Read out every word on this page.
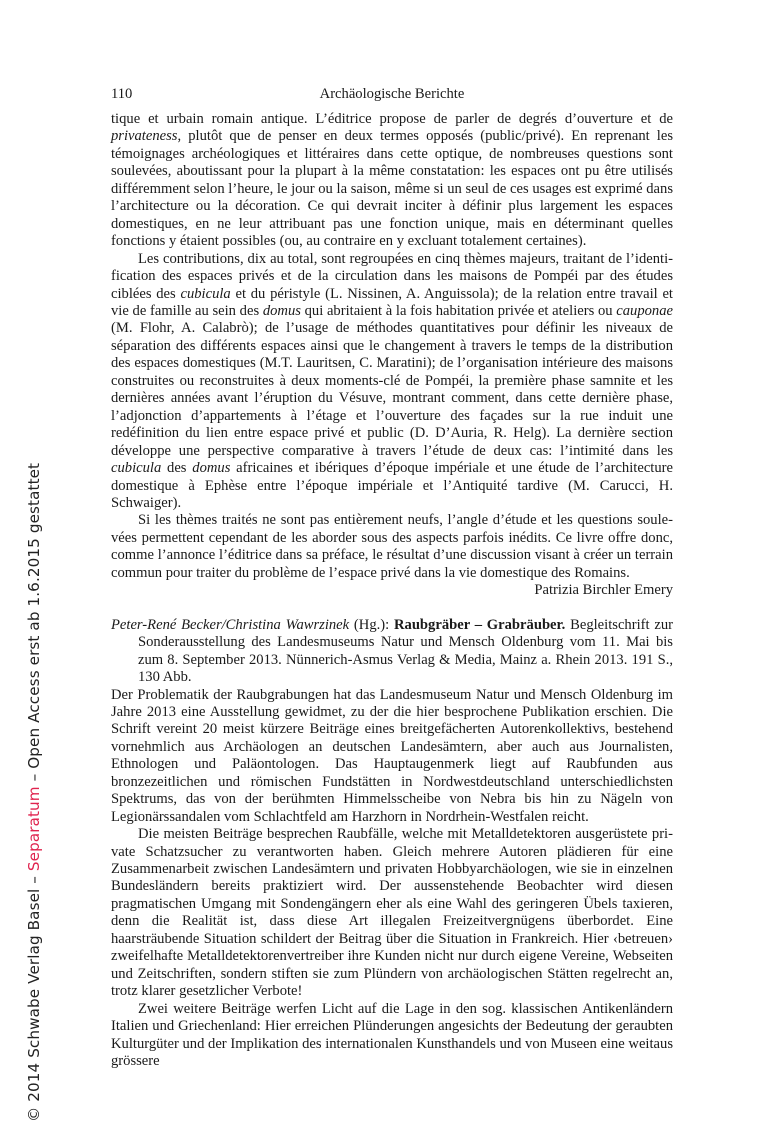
110	Archäologische Berichte

tique et urbain romain antique. L’éditrice propose de parler de degrés d’ouverture et de privateness, plutôt que de penser en deux termes opposés (public/privé). En reprenant les témoignages archéologiques et littéraires dans cette optique, de nombreuses questions sont soulevées, aboutissant pour la plupart à la même constatation: les espaces ont pu être utilisés différemment selon l’heure, le jour ou la saison, même si un seul de ces usages est exprimé dans l’architecture ou la décoration. Ce qui devrait inciter à définir plus largement les espaces domestiques, en ne leur attribuant pas une fonction unique, mais en déterminant quelles fonctions y étaient possibles (ou, au contraire en y excluant totalement certaines).

Les contributions, dix au total, sont regroupées en cinq thèmes majeurs, traitant de l’identification des espaces privés et de la circulation dans les maisons de Pompéi par des études ciblées des cubicula et du péristyle (L. Nissinen, A. Anguissola); de la relation entre travail et vie de famille au sein des domus qui abritaient à la fois habitation privée et ateliers ou cauponae (M. Flohr, A. Calabrò); de l’usage de méthodes quantitatives pour définir les niveaux de séparation des différents espaces ainsi que le changement à travers le temps de la distribution des espaces domestiques (M.T. Lauritsen, C. Maratini); de l’organisation intérieure des maisons construites ou reconstruites à deux moments-clé de Pompéi, la première phase samnite et les dernières années avant l’éruption du Vésuve, montrant comment, dans cette dernière phase, l’adjonction d’appartements à l’étage et l’ouverture des façades sur la rue induit une redéfinition du lien entre espace privé et public (D. D’Auria, R. Helg). La dernière section développe une perspective comparative à travers l’étude de deux cas: l’intimité dans les cubicula des domus africaines et ibériques d’époque impériale et une étude de l’architecture domestique à Ephèse entre l’époque impériale et l’Antiquité tardive (M. Carucci, H. Schwaiger).

Si les thèmes traités ne sont pas entièrement neufs, l’angle d’étude et les questions soulevées permettent cependant de les aborder sous des aspects parfois inédits. Ce livre offre donc, comme l’annonce l’éditrice dans sa préface, le résultat d’une discussion visant à créer un terrain commun pour traiter du problème de l’espace privé dans la vie domestique des Romains.

Patrizia Birchler Emery

Peter-René Becker/Christina Wawrzinek (Hg.): Raubgräber – Grabräuber. Begleitschrift zur Sonderausstellung des Landesmuseums Natur und Mensch Oldenburg vom 11. Mai bis zum 8. September 2013. Nünnerich-Asmus Verlag & Media, Mainz a. Rhein 2013. 191 S., 130 Abb.

Der Problematik der Raubgrabungen hat das Landesmuseum Natur und Mensch Oldenburg im Jahre 2013 eine Ausstellung gewidmet, zu der die hier besprochene Publikation erschien. Die Schrift vereint 20 meist kürzere Beiträge eines breitgefächerten Autorenkollektivs, bestehend vornehmlich aus Archäologen an deutschen Landesämtern, aber auch aus Journalisten, Ethnologen und Paläontologen. Das Hauptaugenmerk liegt auf Raubfunden aus bronzezeitlichen und römischen Fundstätten in Nordwestdeutschland unterschiedlichsten Spektrums, das von der berühmten Himmelsscheibe von Nebra bis hin zu Nägeln von Legionärssandalen vom Schlachtfeld am Harzhorn in Nordrhein-Westfalen reicht.

Die meisten Beiträge besprechen Raubfälle, welche mit Metalldetektoren ausgerüstete private Schatzsucher zu verantworten haben. Gleich mehrere Autoren plädieren für eine Zusammenarbeit zwischen Landesämtern und privaten Hobbyarchäologen, wie sie in einzelnen Bundesländern bereits praktiziert wird. Der aussenstehende Beobachter wird diesen pragmatischen Umgang mit Sondengängern eher als eine Wahl des geringeren Übels taxieren, denn die Realität ist, dass diese Art illegalen Freizeitvergnügens überbordet. Eine haarsträubende Situation schildert der Beitrag über die Situation in Frankreich. Hier ‹betreuen› zweifelhafte Metalldetektorenvertreiber ihre Kunden nicht nur durch eigene Vereine, Webseiten und Zeitschriften, sondern stiften sie zum Plündern von archäologischen Stätten regelrecht an, trotz klarer gesetzlicher Verbote!

Zwei weitere Beiträge werfen Licht auf die Lage in den sog. klassischen Antikenländern Italien und Griechenland: Hier erreichen Plünderungen angesichts der Bedeutung der geraubten Kulturgüter und der Implikation des internationalen Kunsthandels und von Museen eine weitaus grössere

© 2014 Schwabe Verlag Basel – Separatum – Open Access erst ab 1.6.2015 gestattet
